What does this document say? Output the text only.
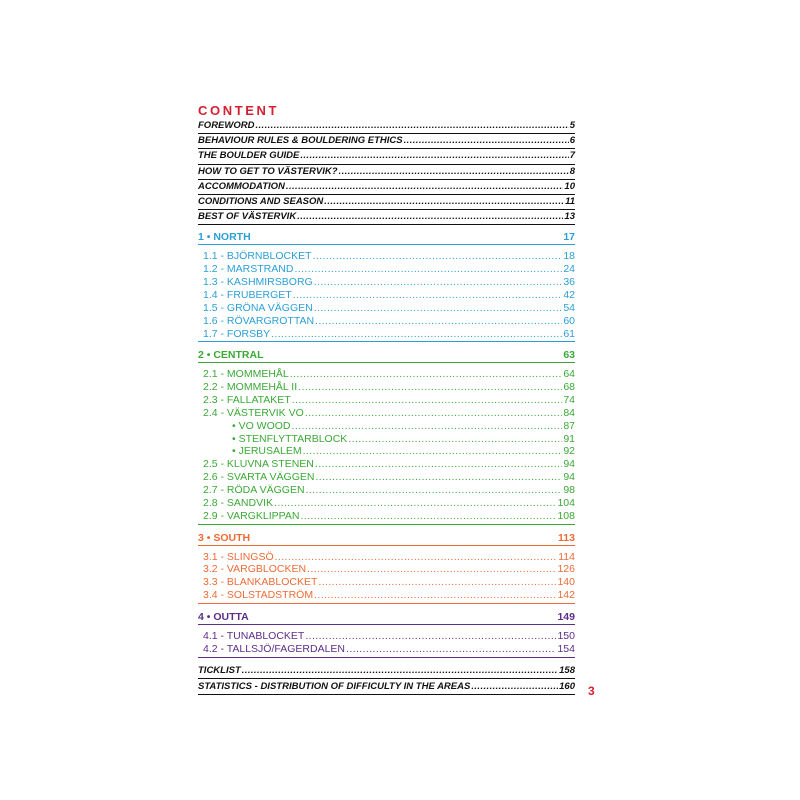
CONTENT
FOREWORD .....	5
BEHAVIOUR RULES & BOULDERING ETHICS .....	6
THE BOULDER GUIDE .....	7
HOW TO GET TO VÄSTERVIK? .....	8
ACCOMMODATION .....	10
CONDITIONS AND SEASON .....	11
BEST OF VÄSTERVIK .....	13
1 • NORTH	17
1.1 - BJÖRNBLOCKET .....	18
1.2 - MARSTRAND .....	24
1.3 - KASHMIRSBORG .....	36
1.4 - FRUBERGET .....	42
1.5 - GRÖNA VÄGGEN .....	54
1.6 - RÖVARGROTTAN .....	60
1.7 - FORSBY .....	61
2 • CENTRAL	63
2.1 - MOMMEHÅL .....	64
2.2 - MOMMEHÅL II .....	68
2.3 - FALLATAKET .....	74
2.4 - VÄSTERVIK VO .....	84
• VO WOOD .....	87
• STENFLYTTARBLOCK .....	91
• JERUSALEM .....	92
2.5 - KLUVNA STENEN .....	94
2.6 - SVARTA VÄGGEN .....	94
2.7 - RÖDA VÄGGEN .....	98
2.8 - SANDVIK .....	104
2.9 - VARGKLIPPAN .....	108
3 • SOUTH	113
3.1 - SLINGSÖ .....	114
3.2 - VARGBLOCKEN .....	126
3.3 - BLANKABLOCKET .....	140
3.4 - SOLSTADSTRÖM .....	142
4 • OUTTA	149
4.1 - TUNABLOCKET .....	150
4.2 - TALLSJÖ/FAGERDALEN .....	154
TICKLIST .....	158
STATISTICS - DISTRIBUTION OF DIFFICULTY IN THE AREAS .....	160 3
